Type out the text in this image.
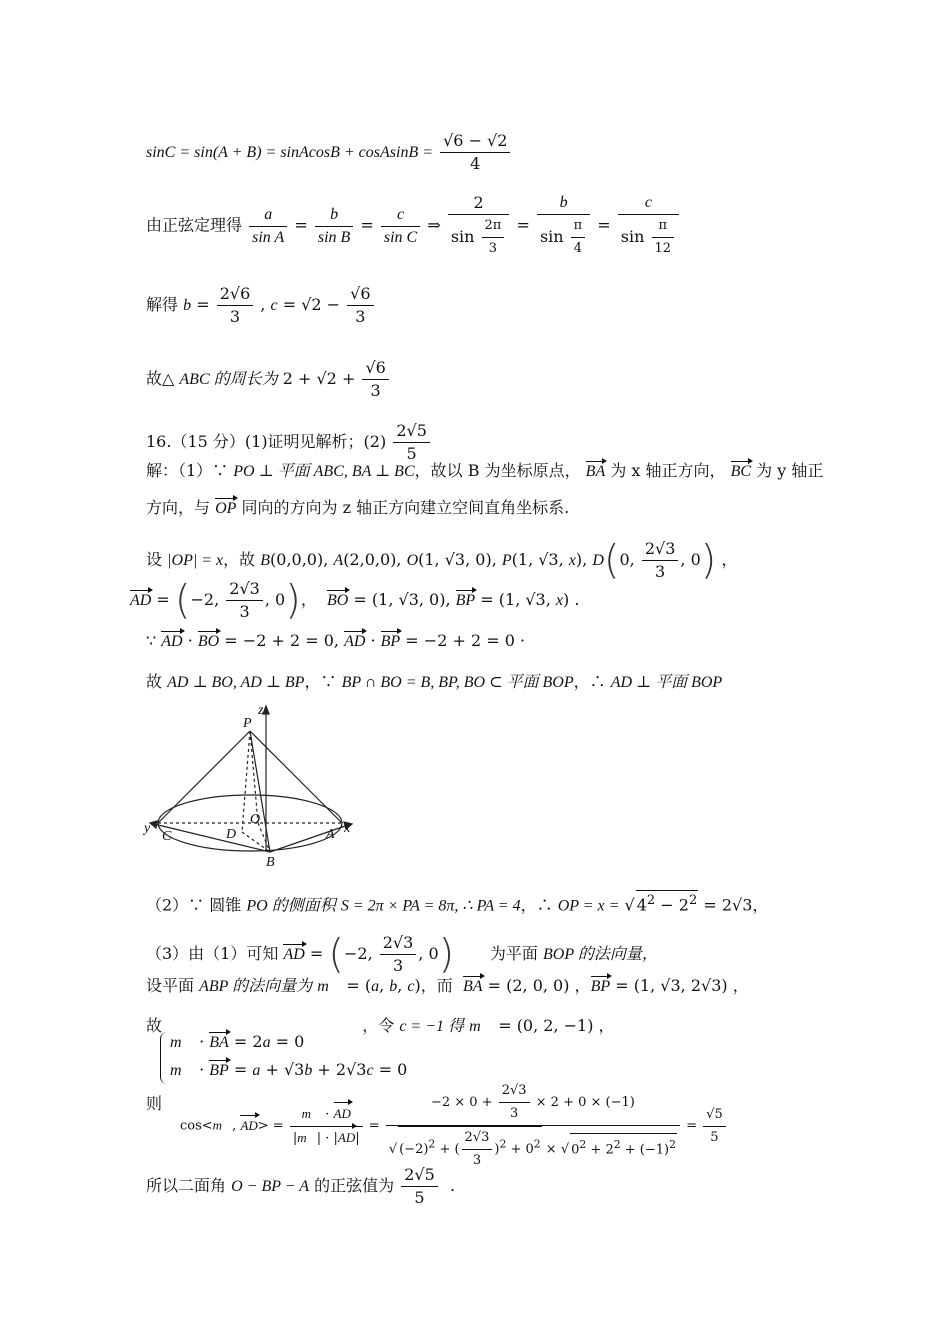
sinC = sin(A + B) = sinAcosB + cosAsinB = $\frac{√6 - √2}{4}$
由正弦定理得 $\frac{a}{\text{sin A}} = \frac{b}{\text{sin B}} = \frac{c}{\text{sin C}}$ ⇒ $\frac{2}{\sin \frac{2\pi}{3}} = \frac{b}{\sin \frac{\pi}{4}} = \frac{c}{\sin \frac{\pi}{12}}$
解得 $b = \frac{2√6}{3}$ , $c = √2 - \frac{√6}{3}$
故△ ABC 的周长为 $2 + √2 + \frac{√6}{3}$
16.（15 分）(1)证明见解析；$(2) \frac{2√5}{5}$
解：（1）∵ PO ⊥ 平面 ABC, BA ⊥ BC，故以 B 为坐标原点， BA 为 x 轴正方向， BC 为 y 轴正
方向，与 OP 同向的方向为 z 轴正方向建立空间直角坐标系.
设 |OP| = x，故 B(0,0,0), A(2,0,0), O(1, √3, 0), P(1, √3, x), D(0, $\frac{2√3}{3}$ , 0) ，
AD = (−2, $\frac{2√3}{3}$ , 0)，  BO = (1, √3, 0), BP = (1, √3, x) .
∵ AD · BO = −2 + 2 = 0, AD · BP = −2 + 2 = 0 ·
故 AD ⊥ BO, AD ⊥ BP，∵ BP ∩ BO = B, BP, BO ⊂ 平面 BOP，∴ AD ⊥ 平面 BOP
P
z
O
D
C	A
B
x
y
（2）∵ 圆锥 PO 的侧面积 S = 2π × PA = 8π, ∴ PA = 4，∴ OP = x = √ $4^2 - 2^2 = 2√3$，
（3）由（1）可知 AD = (−2, $\frac{2√3}{3}$ , 0) 为平面 BOP 的法向量，
设平面 ABP 的法向量为 m⃗ = (a, b, c)，而 BA = (2, 0, 0) ，BP = (1, √3, 2√3) ，
故	，令 c = −1 得 m⃗ = (0, 2, −1) ，
m⃗ · BA = 2a = 0
m⃗ · BP = a + √3b + 2√3c = 0
则
cos<m⃗, $AD> = \frac{m⃗ \cdot AD}{|m⃗| \cdot |AD|} = \frac{-2 \times 0 + \frac{2√3}{3} \times 2 + 0 \times (-1)}{√ (-2)^2 + ( \frac{2√3}{3} )^2 + 0^2 \times √ 0^2 + 2^2 + (-1)^2} = \frac{√5}{5}$
所以二面角 O − BP − A 的正弦值为 $\frac{2√5}{5}$ .
